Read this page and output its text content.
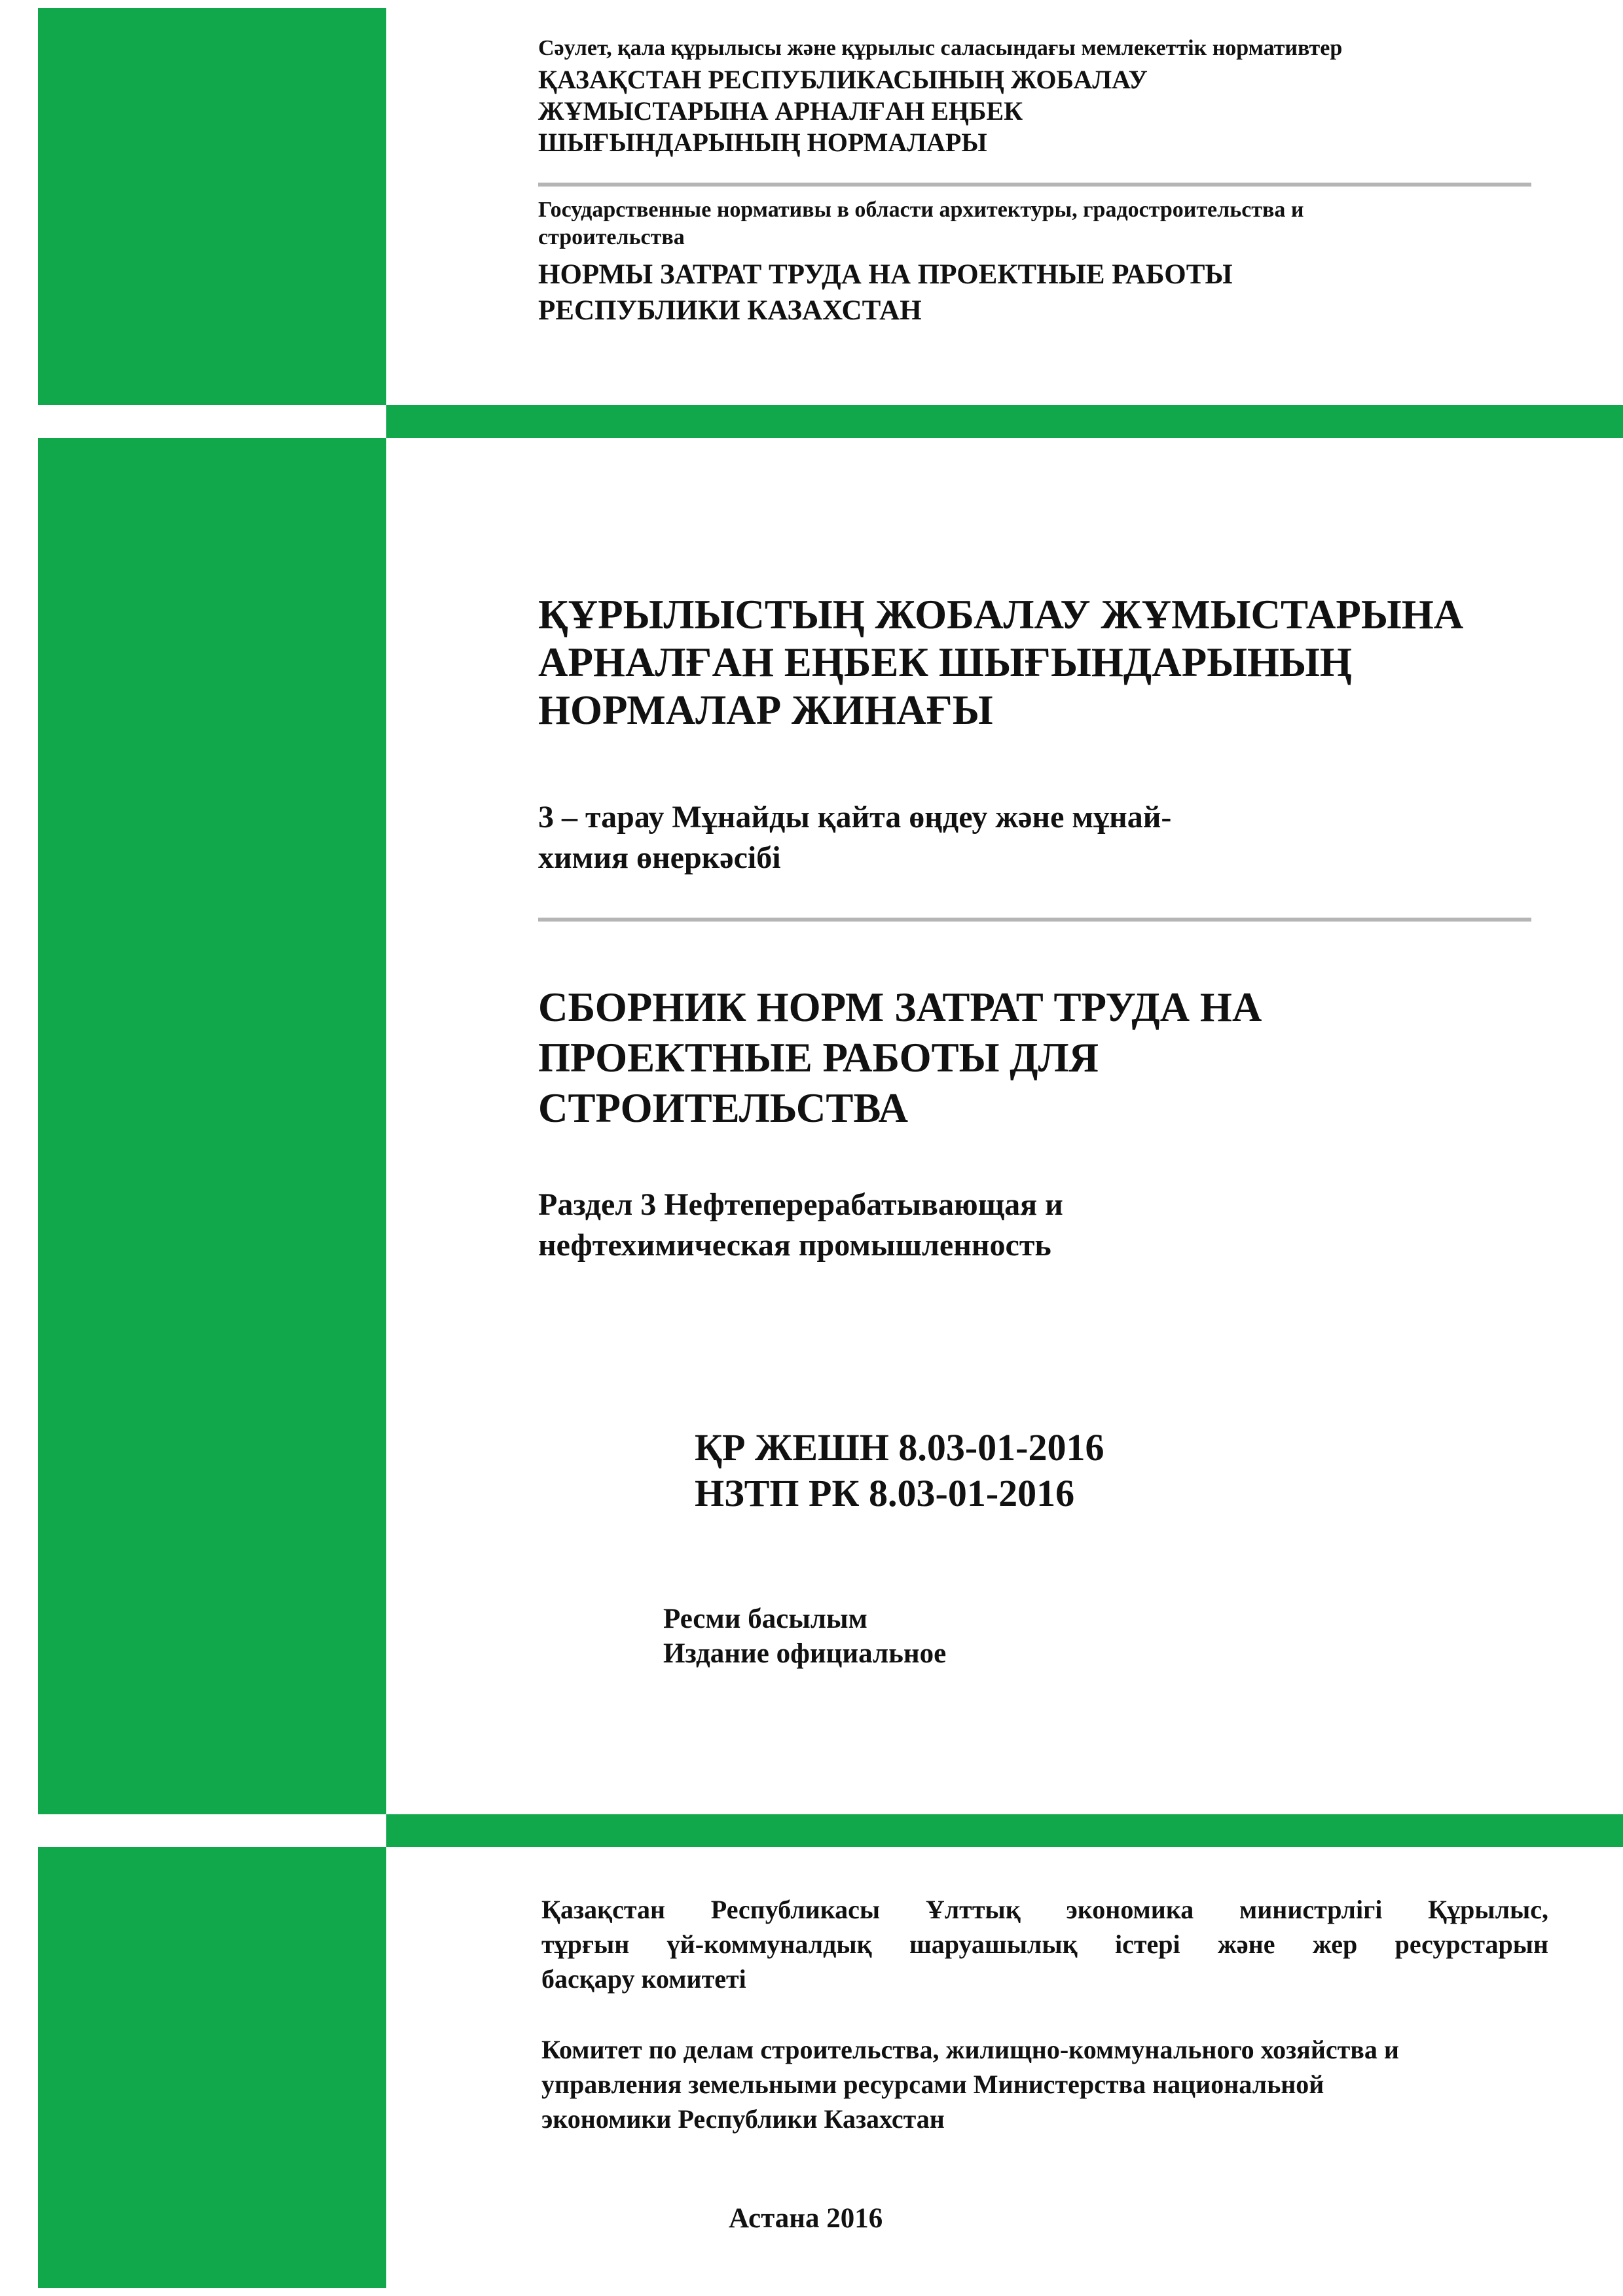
Сәулет, қала құрылысы және құрылыс саласындағы мемлекеттік нормативтер
ҚАЗАҚСТАН РЕСПУБЛИКАСЫНЫҢ ЖОБАЛАУ
ЖҰМЫСТАРЫНА АРНАЛҒАН ЕҢБЕК
ШЫҒЫНДАРЫНЫҢ НОРМАЛАРЫ
Государственные нормативы в области архитектуры, градостроительства и
строительства
НОРМЫ ЗАТРАТ ТРУДА НА ПРОЕКТНЫЕ РАБОТЫ
РЕСПУБЛИКИ КАЗАХСТАН
ҚҰРЫЛЫСТЫҢ ЖОБАЛАУ ЖҰМЫСТАРЫНА
АРНАЛҒАН ЕҢБЕК ШЫҒЫНДАРЫНЫҢ
НОРМАЛАР ЖИНАҒЫ
3 – тарау Мұнайды қайта өңдеу және мұнай-
химия өнеркәсібі
СБОРНИК НОРМ ЗАТРАТ ТРУДА НА
ПРОЕКТНЫЕ РАБОТЫ ДЛЯ
СТРОИТЕЛЬСТВА
Раздел 3 Нефтеперерабатывающая и
нефтехимическая промышленность
ҚР ЖЕШН 8.03-01-2016
НЗТП РК 8.03-01-2016
Ресми басылым
Издание официальное
Қазақстан Республикасы Ұлттық экономика министрлігі Құрылыс,
тұрғын үй-коммуналдық шаруашылық істері және жер ресурстарын
басқару комитеті
Комитет по делам строительства, жилищно-коммунального хозяйства и
управления земельными ресурсами Министерства национальной
экономики Республики Казахстан
Астана 2016
